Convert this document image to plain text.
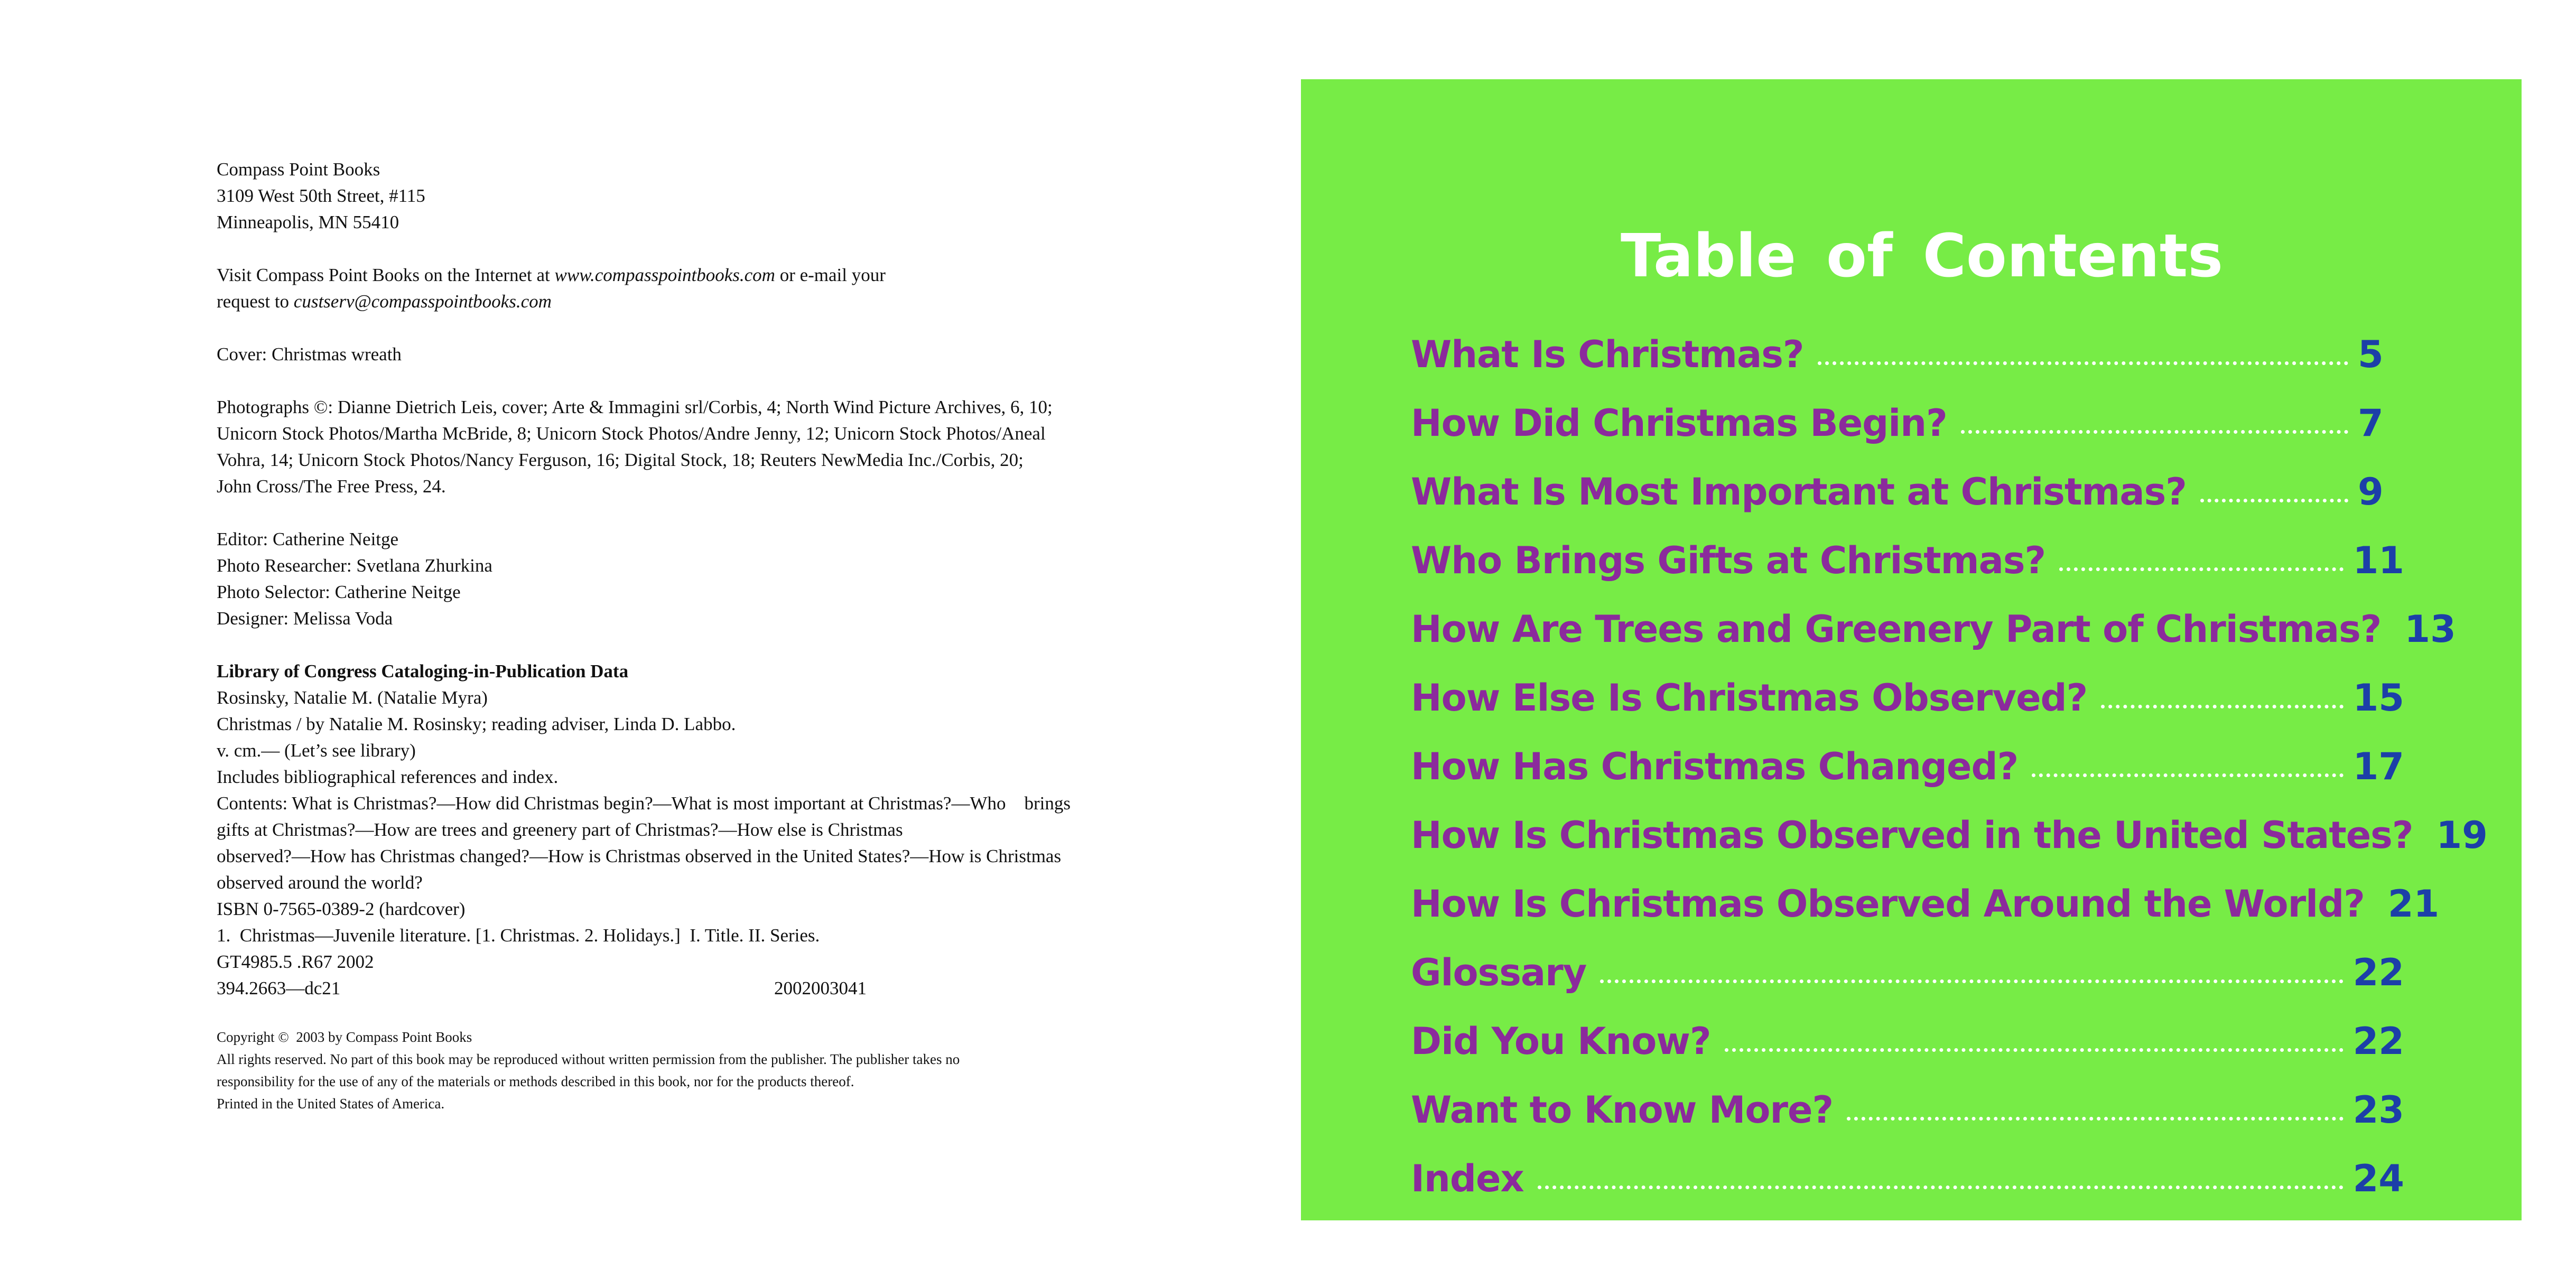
Compass Point Books
3109 West 50th Street, #115
Minneapolis, MN 55410
Visit Compass Point Books on the Internet at www.compasspointbooks.com or e-mail your
request to custserv@compasspointbooks.com
Cover: Christmas wreath
Photographs ©: Dianne Dietrich Leis, cover; Arte & Immagini srl/Corbis, 4; North Wind Picture Archives, 6, 10;
Unicorn Stock Photos/Martha McBride, 8; Unicorn Stock Photos/Andre Jenny, 12; Unicorn Stock Photos/Aneal
Vohra, 14; Unicorn Stock Photos/Nancy Ferguson, 16; Digital Stock, 18; Reuters NewMedia Inc./Corbis, 20;
John Cross/The Free Press, 24.
Editor: Catherine Neitge
Photo Researcher: Svetlana Zhurkina
Photo Selector: Catherine Neitge
Designer: Melissa Voda
Library of Congress Cataloging-in-Publication Data
Rosinsky, Natalie M. (Natalie Myra)
Christmas / by Natalie M. Rosinsky; reading adviser, Linda D. Labbo.
v. cm.— (Let’s see library)
Includes bibliographical references and index.
Contents: What is Christmas?—How did Christmas begin?—What is most important at Christmas?—Who    brings
gifts at Christmas?—How are trees and greenery part of Christmas?—How else is Christmas
observed?—How has Christmas changed?—How is Christmas observed in the United States?—How is Christmas
observed around the world?
ISBN 0-7565-0389-2 (hardcover)
1.  Christmas—Juvenile literature. [1. Christmas. 2. Holidays.]  I. Title. II. Series.
GT4985.5 .R67 2002
394.2663—dc21	2002003041
Copyright ©  2003 by Compass Point Books
All rights reserved. No part of this book may be reproduced without written permission from the publisher. The publisher takes no
responsibility for the use of any of the materials or methods described in this book, nor for the products thereof.
Printed in the United States of America.
Table of Contents
What Is Christmas?	5
How Did Christmas Begin?	7
What Is Most Important at Christmas?	9
Who Brings Gifts at Christmas?	11
How Are Trees and Greenery Part of Christmas? 13
How Else Is Christmas Observed?	15
How Has Christmas Changed?	17
How Is Christmas Observed in the United States? 19
How Is Christmas Observed Around the World? 21
Glossary	22
Did You Know?	22
Want to Know More?	23
Index	24
